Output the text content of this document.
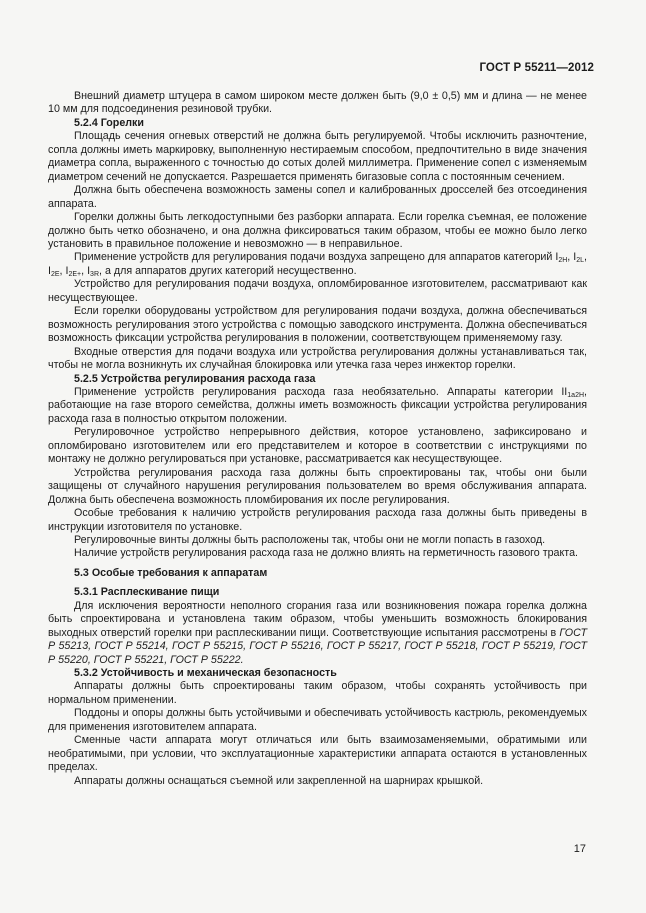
ГОСТ Р 55211—2012

Внешний диаметр штуцера в самом широком месте должен быть (9,0 ± 0,5) мм и длина — не менее 10 мм для подсоединения резиновой трубки.

5.2.4 Горелки

Площадь сечения огневых отверстий не должна быть регулируемой. Чтобы исключить разночтение, сопла должны иметь маркировку, выполненную нестираемым способом, предпочтительно в виде значения диаметра сопла, выраженного с точностью до сотых долей миллиметра. Применение сопел с изменяемым диаметром сечений не допускается. Разрешается применять бигазовые сопла с постоянным сечением.

Должна быть обеспечена возможность замены сопел и калиброванных дросселей без отсоединения аппарата.

Горелки должны быть легкодоступными без разборки аппарата. Если горелка съемная, ее положение должно быть четко обозначено, и она должна фиксироваться таким образом, чтобы ее можно было легко установить в правильное положение и невозможно — в неправильное.

Применение устройств для регулирования подачи воздуха запрещено для аппаратов категорий $I_{2H}$, $I_{2L}$, $I_{2E}$, $I_{2E+}$, $I_{3R}$, а для аппаратов других категорий несущественно.

Устройство для регулирования подачи воздуха, опломбированное изготовителем, рассматривают как несуществующее.

Если горелки оборудованы устройством для регулирования подачи воздуха, должна обеспечиваться возможность регулирования этого устройства с помощью заводского инструмента. Должна обеспечиваться возможность фиксации устройства регулирования в положении, соответствующем применяемому газу.

Входные отверстия для подачи воздуха или устройства регулирования должны устанавливаться так, чтобы не могла возникнуть их случайная блокировка или утечка газа через инжектор горелки.

5.2.5 Устройства регулирования расхода газа

Применение устройств регулирования расхода газа необязательно. Аппараты категории $II_{1a2H}$, работающие на газе второго семейства, должны иметь возможность фиксации устройства регулирования расхода газа в полностью открытом положении.

Регулировочное устройство непрерывного действия, которое установлено, зафиксировано и опломбировано изготовителем или его представителем и которое в соответствии с инструкциями по монтажу не должно регулироваться при установке, рассматривается как несуществующее.

Устройства регулирования расхода газа должны быть спроектированы так, чтобы они были защищены от случайного нарушения регулирования пользователем во время обслуживания аппарата. Должна быть обеспечена возможность пломбирования их после регулирования.

Особые требования к наличию устройств регулирования расхода газа должны быть приведены в инструкции изготовителя по установке.

Регулировочные винты должны быть расположены так, чтобы они не могли попасть в газоход.

Наличие устройств регулирования расхода газа не должно влиять на герметичность газового тракта.

5.3 Особые требования к аппаратам

5.3.1 Расплескивание пищи

Для исключения вероятности неполного сгорания газа или возникновения пожара горелка должна быть спроектирована и установлена таким образом, чтобы уменьшить возможность блокирования выходных отверстий горелки при расплескивании пищи. Соответствующие испытания рассмотрены в ГОСТ Р 55213, ГОСТ Р 55214, ГОСТ Р 55215, ГОСТ Р 55216, ГОСТ Р 55217, ГОСТ Р 55218, ГОСТ Р 55219, ГОСТ Р 55220, ГОСТ Р 55221, ГОСТ Р 55222.

5.3.2 Устойчивость и механическая безопасность

Аппараты должны быть спроектированы таким образом, чтобы сохранять устойчивость при нормальном применении.

Поддоны и опоры должны быть устойчивыми и обеспечивать устойчивость кастрюль, рекомендуемых для применения изготовителем аппарата.

Сменные части аппарата могут отличаться или быть взаимозаменяемыми, обратимыми или необратимыми, при условии, что эксплуатационные характеристики аппарата остаются в установленных пределах.

Аппараты должны оснащаться съемной или закрепленной на шарнирах крышкой.

17
